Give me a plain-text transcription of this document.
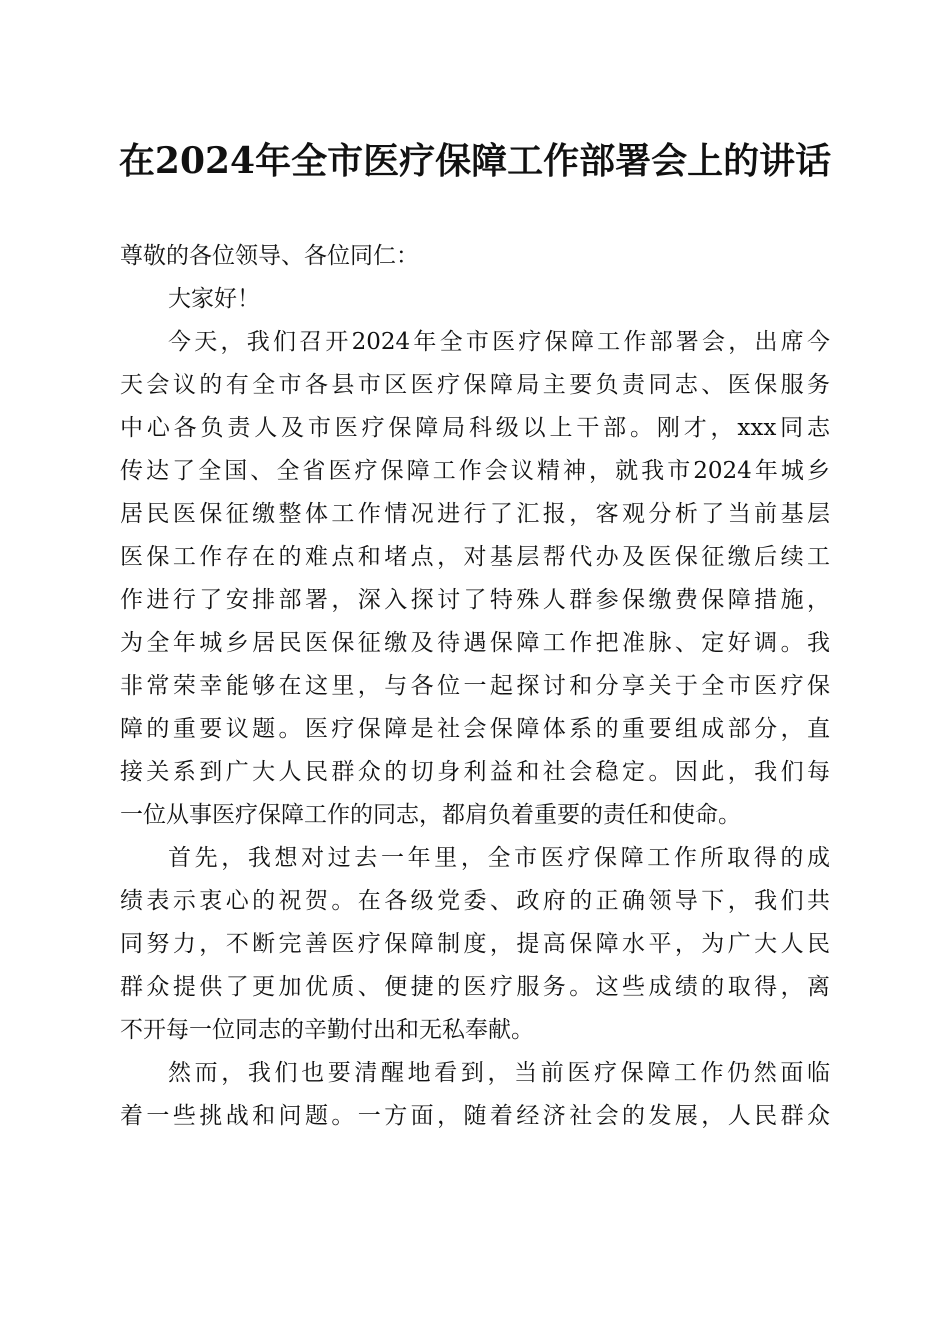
在2024年全市医疗保障工作部署会上的讲话
尊敬的各位领导、各位同仁：
大家好！
今天，我们召开2024年全市医疗保障工作部署会，出席今
天会议的有全市各县市区医疗保障局主要负责同志、医保服务
中心各负责人及市医疗保障局科级以上干部。刚才，xxx同志
传达了全国、全省医疗保障工作会议精神，就我市2024年城乡
居民医保征缴整体工作情况进行了汇报，客观分析了当前基层
医保工作存在的难点和堵点，对基层帮代办及医保征缴后续工
作进行了安排部署，深入探讨了特殊人群参保缴费保障措施，
为全年城乡居民医保征缴及待遇保障工作把准脉、定好调。我
非常荣幸能够在这里，与各位一起探讨和分享关于全市医疗保
障的重要议题。医疗保障是社会保障体系的重要组成部分，直
接关系到广大人民群众的切身利益和社会稳定。因此，我们每
一位从事医疗保障工作的同志，都肩负着重要的责任和使命。
首先，我想对过去一年里，全市医疗保障工作所取得的成
绩表示衷心的祝贺。在各级党委、政府的正确领导下，我们共
同努力，不断完善医疗保障制度，提高保障水平，为广大人民
群众提供了更加优质、便捷的医疗服务。这些成绩的取得，离
不开每一位同志的辛勤付出和无私奉献。
然而，我们也要清醒地看到，当前医疗保障工作仍然面临
着一些挑战和问题。一方面，随着经济社会的发展，人民群众
